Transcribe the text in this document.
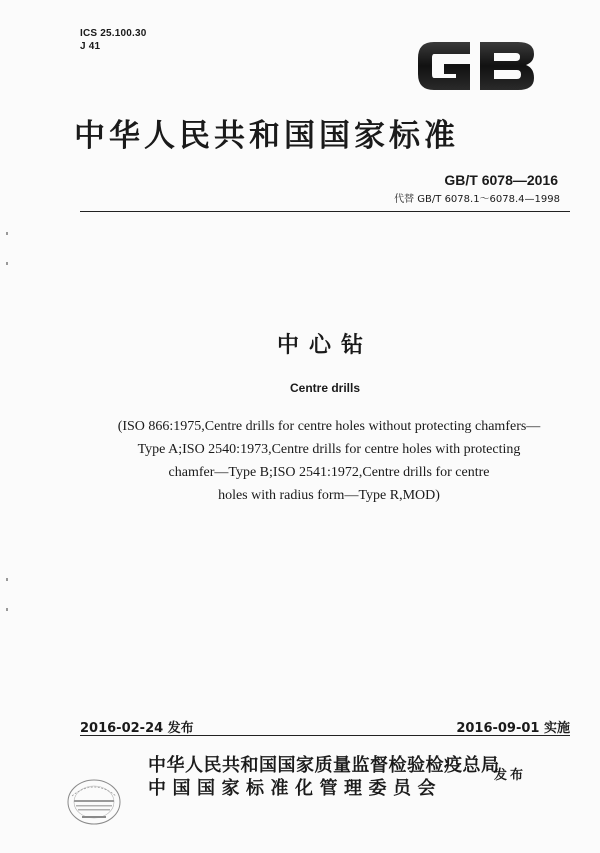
ICS 25.100.30
J 41
中华人民共和国国家标准
GB/T 6078—2016
代替 GB/T 6078.1～6078.4—1998
中心钻
Centre drills
(ISO 866:1975,Centre drills for centre holes without protecting chamfers—
Type A;ISO 2540:1973,Centre drills for centre holes with protecting
chamfer—Type B;ISO 2541:1972,Centre drills for centre
holes with radius form—Type R,MOD)
2016-02-24 发布	2016-09-01 实施
中华人民共和国国家质量监督检验检疫总局
中国国家标准化管理委员会
发布
